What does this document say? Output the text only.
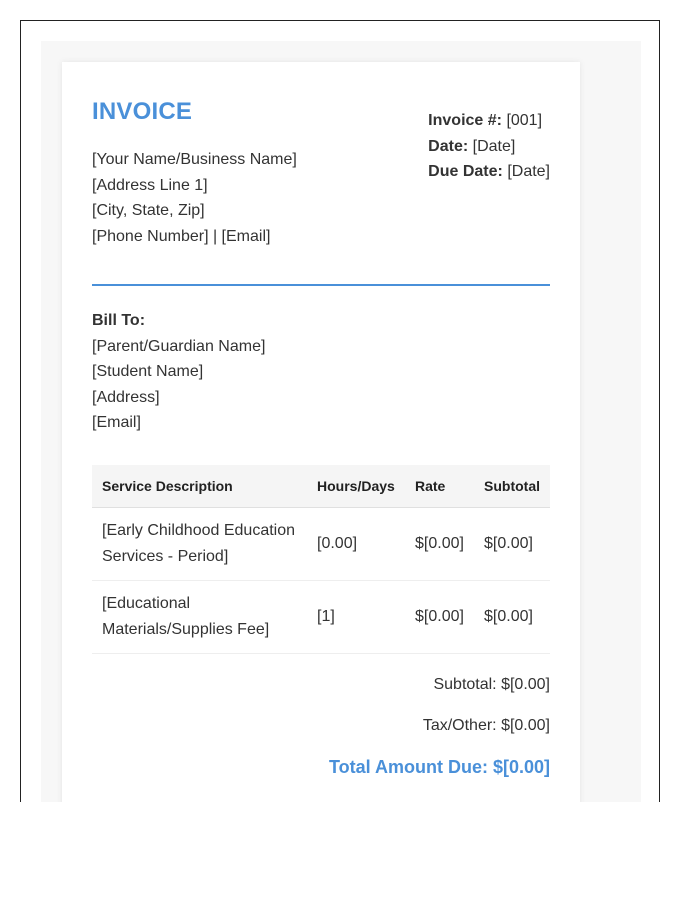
INVOICE
[Your Name/Business Name]
[Address Line 1]
[City, State, Zip]
[Phone Number] | [Email]
Invoice #: [001]
Date: [Date]
Due Date: [Date]
Bill To:
[Parent/Guardian Name]
[Student Name]
[Address]
[Email]
Service Description	Hours/Days	Rate	Subtotal
[Early Childhood Education Services - Period]	[0.00]	$[0.00]	$[0.00]
[Educational Materials/Supplies Fee]	[1]	$[0.00]	$[0.00]
Subtotal: $[0.00]
Tax/Other: $[0.00]
Total Amount Due: $[0.00]
